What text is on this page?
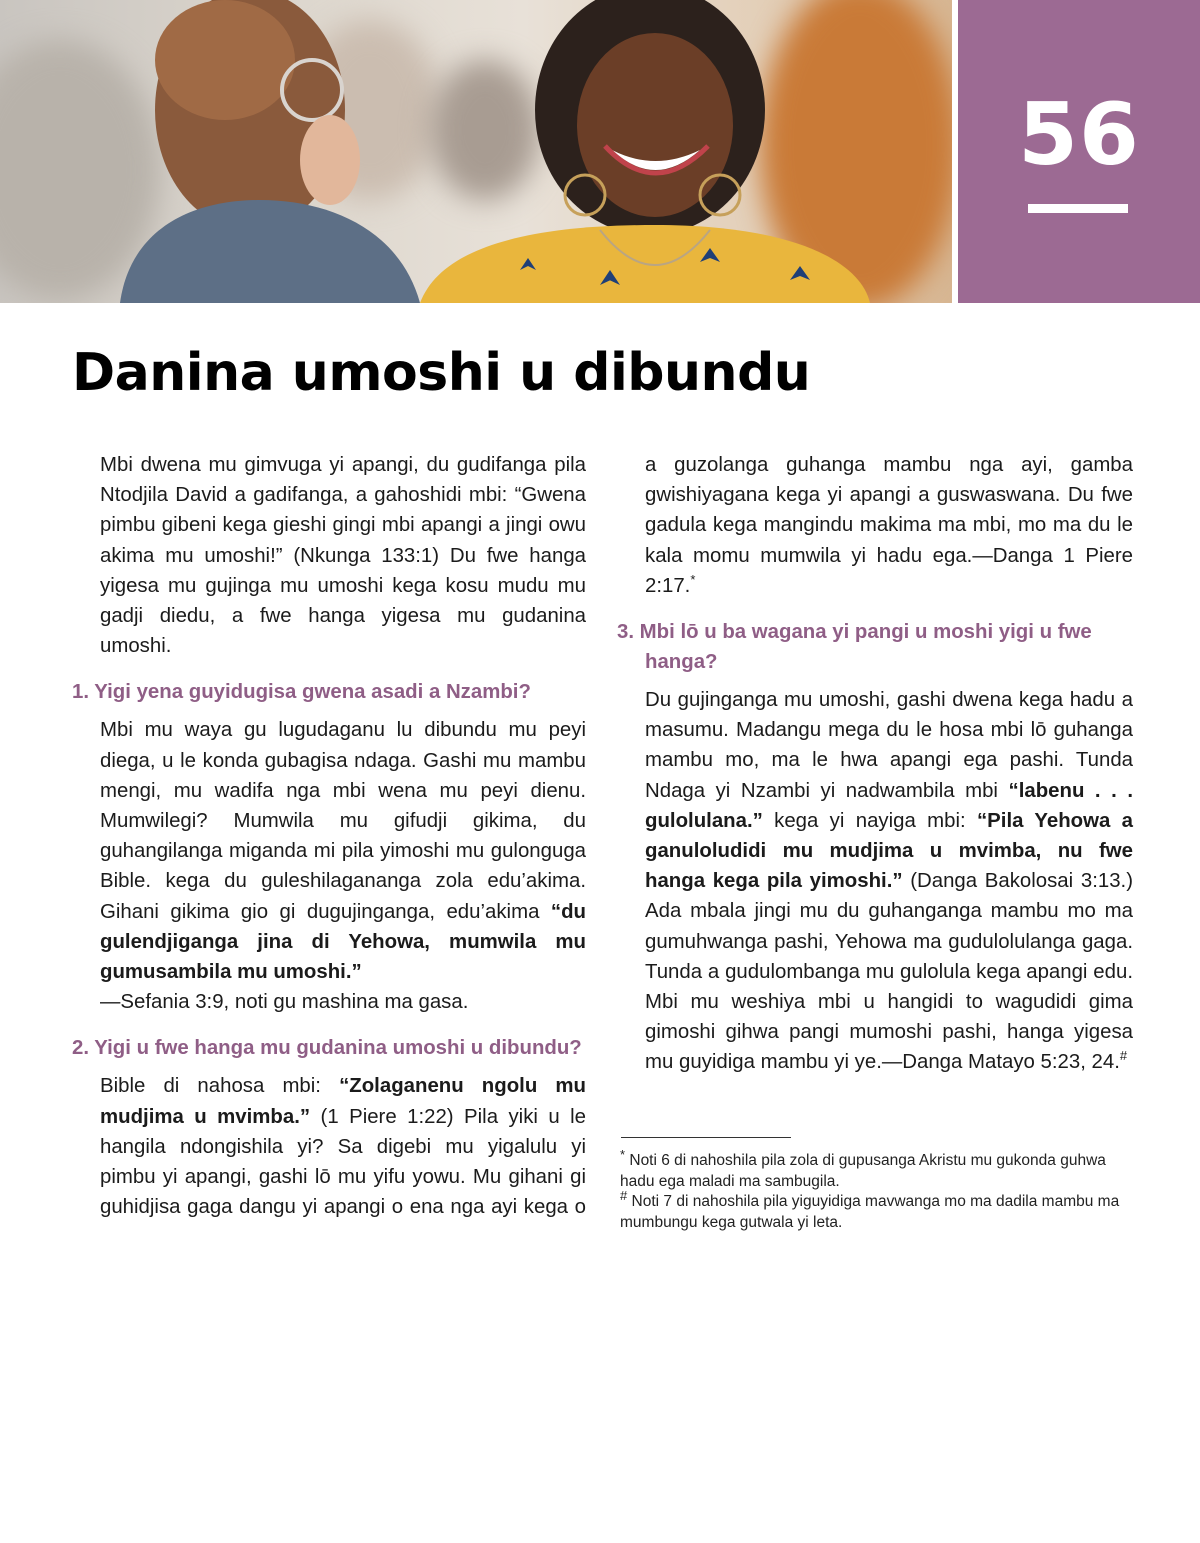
56
Danina umoshi u dibundu

Mbi dwena mu gimvuga yi apangi, du gudifanga pila Ntodjila David a gadifanga, a gahoshidi mbi: “Gwena pimbu gibeni kega gieshi gingi mbi apangi a jingi owu akima mu umoshi!” (Nkunga 133:1) Du fwe hanga yigesa mu gujinga mu umoshi kega kosu mudu mu gadji diedu, a fwe hanga yigesa mu gudanina umoshi.

1. Yigi yena guyidugisa gwena asadi a Nzambi?

Mbi mu waya gu lugudaganu lu dibundu mu peyi diega, u le konda gubagisa ndaga. Gashi mu mambu mengi, mu wadifa nga mbi wena mu peyi dienu. Mumwilegi? Mumwila mu gifudji gikima, du guhangilanga miganda mi pila yimoshi mu gulonguga Bible. kega du guleshilagananga zola edu’akima. Gihani gikima gio gi dugujinganga, edu’akima “du gulendjiganga jina di Yehowa, mumwila mu gumusambila mu umoshi.”
—Sefania 3:9, noti gu mashina ma gasa.

2. Yigi u fwe hanga mu gudanina umoshi u dibundu?

Bible di nahosa mbi: “Zolaganenu ngolu mu mudjima u mvimba.” (1 Piere 1:22) Pila yiki u le hangila ndongishila yi? Sa digebi mu yigalulu yi pimbu yi apangi, gashi lō mu yifu yowu. Mu gihani gi guhidjisa gaga dangu yi apangi o ena nga ayi kega o

a guzolanga guhanga mambu nga ayi, gamba gwishiyagana kega yi apangi a guswaswana. Du fwe gadula kega mangindu makima ma mbi, mo ma du le kala momu mumwila yi hadu ega.—Danga 1 Piere 2:17.*

3. Mbi lō u ba wagana yi pangi u moshi yigi u fwe hanga?

Du gujinganga mu umoshi, gashi dwena kega hadu a masumu. Madangu mega du le hosa mbi lō guhanga mambu mo, ma le hwa apangi ega pashi. Tunda Ndaga yi Nzambi yi nadwambila mbi “labenu . . . gulolulana.” kega yi nayiga mbi: “Pila Yehowa a ganuloludidi mu mudjima u mvimba, nu fwe hanga kega pila yimoshi.” (Danga Bakolosai 3:13.) Ada mbala jingi mu du guhanganga mambu mo ma gumuhwanga pashi, Yehowa ma gudulolulanga gaga. Tunda a gudulombanga mu gulolula kega apangi edu. Mbi mu weshiya mbi u hangidi to wagudidi gima gimoshi gihwa pangi mumoshi pashi, hanga yigesa mu guyidiga mambu yi ye.—Danga Matayo 5:23, 24.#

* Noti 6 di nahoshila pila zola di gupusanga Akristu mu gukonda guhwa hadu ega maladi ma sambugila.

# Noti 7 di nahoshila pila yiguyidiga mavwanga mo ma dadila mambu ma mumbungu kega gutwala yi leta.
